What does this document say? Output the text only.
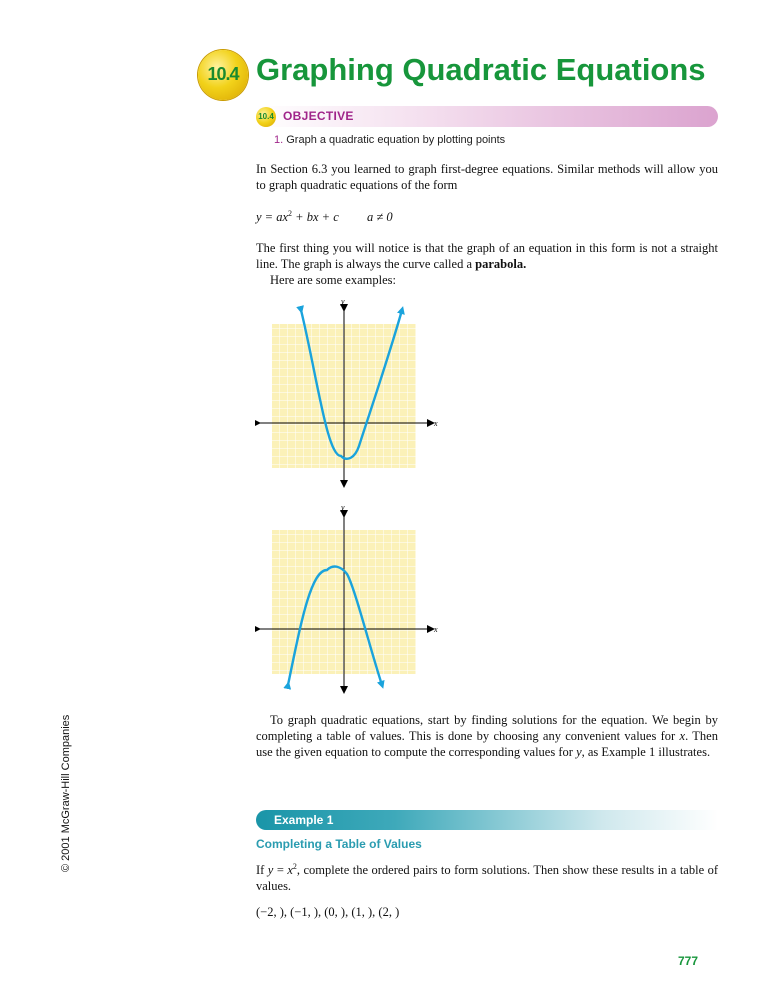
10.4 Graphing Quadratic Equations
10.4 OBJECTIVE
1. Graph a quadratic equation by plotting points

In Section 6.3 you learned to graph first-degree equations. Similar methods will allow you to graph quadratic equations of the form

$y = ax^2$ + bx + c a ≠ 0

The first thing you will notice is that the graph of an equation in this form is not a straight line. The graph is always the curve called a parabola.

Here are some examples:

x
y
x
y

To graph quadratic equations, start by finding solutions for the equation. We begin by completing a table of values. This is done by choosing any convenient values for x. Then use the given equation to compute the corresponding values for y, as Example 1 illustrates.

Example 1
Completing a Table of Values

If $y = x^2$, complete the ordered pairs to form solutions. Then show these results in a table of values.

(−2, ), (−1, ), (0, ), (1, ), (2, )
© 2001 McGraw-Hill Companies
777
